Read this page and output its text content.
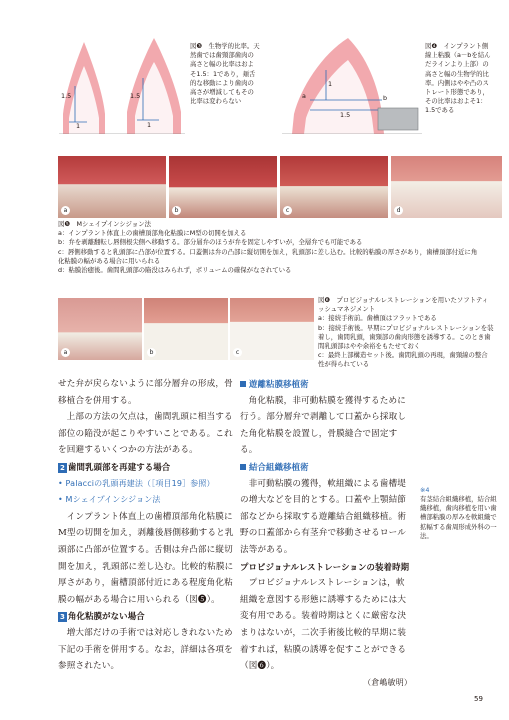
1.5
1
1.5
1
図❸　生物学的比率。天然歯では歯頸部歯肉の高さと幅の比率はおよそ1.5：1であり，頬舌的な移動により歯肉の高さが増減してもその比率は変わらない
a	b
1
1.5
図❹　インプラント側線上粘膜（a－bを結んだラインより上部）の高さと幅の生物学的比率。内側はやや凸のストレート形態であり，その比率はおよそ1：1.5である
a	b	c	d
図❺　Mシェイプインシジョン法
a：インプラント体直上の歯槽頂部角化粘膜にM型の切開を加える
b：弁を剥離翻転し唇側根尖側へ移動する。部分層弁のほうが弁を固定しやすいが，全層弁でも可能である
c：唇側移動すると乳頭部に凸部が位置する。口蓋側は弁の凸部に縦切開を加え，乳頭部に差し込む。比較的粘膜の厚さがあり，歯槽頂部付近に角化粘膜の幅がある場合に用いられる
d：粘膜治癒後。歯間乳頭部の陥没はみられず，ボリュームの確保がなされている
a	b	c
図❻　プロビジョナルレストレーションを用いたソフトティッシュマネジメント
a：接続手術前。歯槽頂はフラットである
b：接続手術後。早期にプロビジョナルレストレーションを装着し，歯間乳頭，歯頸部の歯肉形態を誘導する。このとき歯間乳頭部はやや余裕をもたせておく
c：最終上部構造セット後。歯間乳頭の再現，歯頸線の整合性が得られている

せた弁が戻らないように部分層弁の形成，骨移植合を併用する。

上部の方法の欠点は，歯間乳頭に相当する部位の陥没が起こりやすいことである。これを回避するいくつかの方法がある。

2 歯間乳頭部を再建する場合
• Palacciの乳頭再建法（［項目19］参照）
• Mシェイプインシジョン法

インプラント体直上の歯槽頂部角化粘膜にM型の切開を加え，剥離後唇側移動すると乳頭部に凸部が位置する。舌側は弁凸部に縦切開を加え，乳頭部に差し込む。比較的粘膜に厚さがあり，歯槽頂部付近にある程度角化粘膜の幅がある場合に用いられる（図❺）。

3 角化粘膜がない場合

増大部だけの手術では対応しきれないため下記の手術を併用する。なお，詳細は各項を参照されたい。

遊離粘膜移植術

角化粘膜，非可動粘膜を獲得するために行う。部分層弁で剥離して口蓋から採取した角化粘膜を設置し，骨膜縫合で固定する。

結合組織移植術

非可動粘膜の獲得，軟組織による歯槽堤の増大などを目的とする。口蓋や上顎結節部などから採取する遊離結合組織移植。術野の口蓋部から有茎弁で移動させるロール法等がある。

プロビジョナルレストレーションの装着時期

プロビジョナルレストレーションは，軟組織を意図する形態に誘導するためには大変有用である。装着時期はとくに厳密な決まりはないが，二次手術後比較的早期に装着すれば，粘膜の誘導を促すことができる（図❻）。

（倉嶋敏明）
※4
有茎結合組織移植，結合組織移植，歯肉移植を用い歯槽部粘膜の厚みを軟組織で拡幅する歯周形成外科の一法。
59
